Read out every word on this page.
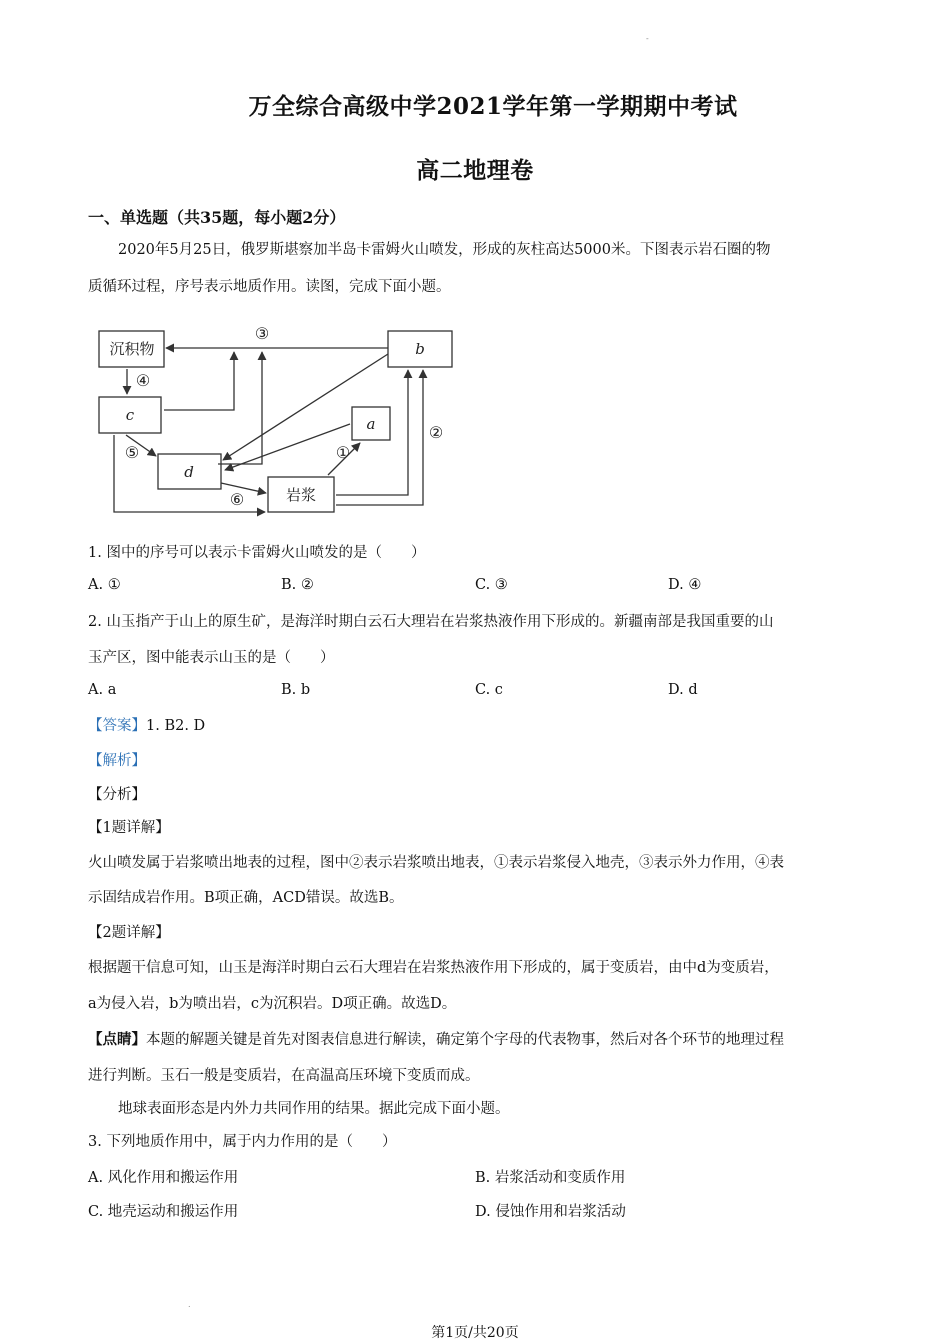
-
万全综合高级中学2021学年第一学期期中考试
高二地理卷
一、单选题（共35题，每小题2分）
2020年5月25日，俄罗斯堪察加半岛卡雷姆火山喷发，形成的灰柱高达5000米。下图表示岩石圈的物
质循环过程，序号表示地质作用。读图，完成下面小题。
沉积物	b
c	a
d
岩浆
③
④
⑤
⑥
①
②
1. 图中的序号可以表示卡雷姆火山喷发的是（　　）
A. ①	B. ②	C. ③	D. ④
2. 山玉指产于山上的原生矿，是海洋时期白云石大理岩在岩浆热液作用下形成的。新疆南部是我国重要的山
玉产区，图中能表示山玉的是（　　）
A. a	B. b	C. c	D. d
【答案】1. B2. D
【解析】
【分析】
【1题详解】
火山喷发属于岩浆喷出地表的过程，图中②表示岩浆喷出地表，①表示岩浆侵入地壳，③表示外力作用，④表
示固结成岩作用。B项正确，ACD错误。故选B。
【2题详解】
根据题干信息可知，山玉是海洋时期白云石大理岩在岩浆热液作用下形成的，属于变质岩，由中d为变质岩，
a为侵入岩，b为喷出岩，c为沉积岩。D项正确。故选D。
【点睛】本题的解题关键是首先对图表信息进行解读，确定第个字母的代表物事，然后对各个环节的地理过程
进行判断。玉石一般是变质岩，在高温高压环境下变质而成。
地球表面形态是内外力共同作用的结果。据此完成下面小题。
3. 下列地质作用中，属于内力作用的是（　　）
A. 风化作用和搬运作用	B. 岩浆活动和变质作用
C. 地壳运动和搬运作用	D. 侵蚀作用和岩浆活动
.
第1页/共20页
